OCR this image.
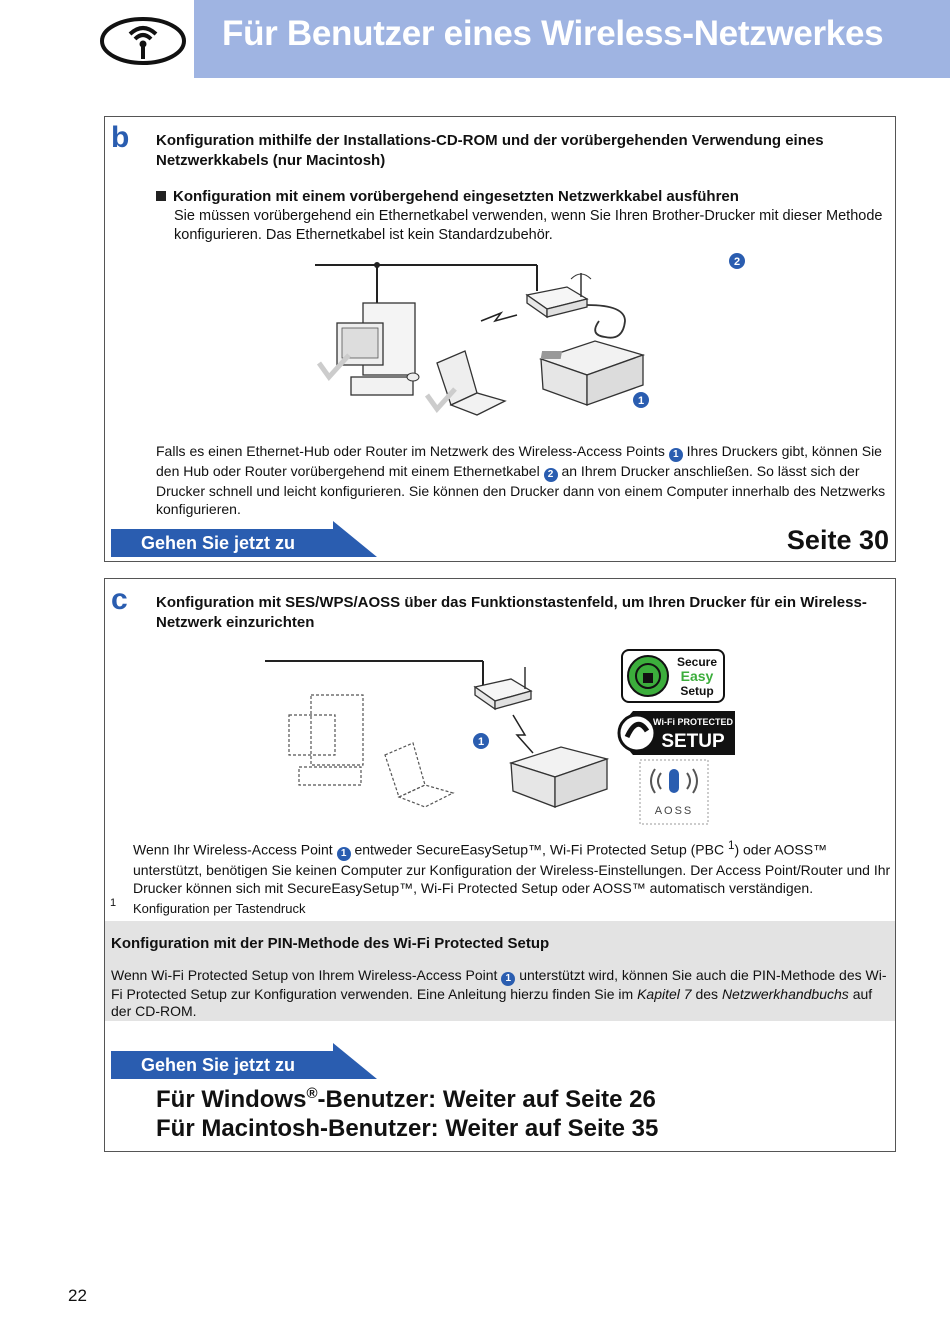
Für Benutzer eines Wireless-Netzwerkes
b Konfiguration mithilfe der Installations-CD-ROM und der vorübergehenden Verwendung eines Netzwerkkabels (nur Macintosh)
Konfiguration mit einem vorübergehend eingesetzten Netzwerkkabel ausführen
Sie müssen vorübergehend ein Ethernetkabel verwenden, wenn Sie Ihren Brother-Drucker mit dieser Methode konfigurieren. Das Ethernetkabel ist kein Standardzubehör.
1
2
Falls es einen Ethernet-Hub oder Router im Netzwerk des Wireless-Access Points 1 Ihres Druckers gibt, können Sie den Hub oder Router vorübergehend mit einem Ethernetkabel 2 an Ihrem Drucker anschließen. So lässt sich der Drucker schnell und leicht konfigurieren. Sie können den Drucker dann von einem Computer innerhalb des Netzwerks konfigurieren.
Gehen Sie jetzt zu	Seite 30
c Konfiguration mit SES/WPS/AOSS über das Funktionstastenfeld, um Ihren Drucker für ein Wireless-Netzwerk einzurichten
1
Secure
Easy
Setup
Wi-Fi PROTECTED
SETUP
AOSS
Wenn Ihr Wireless-Access Point 1 entweder SecureEasySetup™, Wi-Fi Protected Setup (PBC $^1$) oder AOSS™ unterstützt, benötigen Sie keinen Computer zur Konfiguration der Wireless-Einstellungen. Der Access Point/Router und Ihr Drucker können sich mit SecureEasySetup™, Wi-Fi Protected Setup oder AOSS™ automatisch verständigen.
1 Konfiguration per Tastendruck
Konfiguration mit der PIN-Methode des Wi-Fi Protected Setup
Wenn Wi-Fi Protected Setup von Ihrem Wireless-Access Point 1 unterstützt wird, können Sie auch die PIN-Methode des Wi-Fi Protected Setup zur Konfiguration verwenden. Eine Anleitung hierzu finden Sie im Kapitel 7 des Netzwerkhandbuchs auf der CD-ROM.
Gehen Sie jetzt zu
Für Windows®-Benutzer: Weiter auf Seite 26
Für Macintosh-Benutzer: Weiter auf Seite 35
22
